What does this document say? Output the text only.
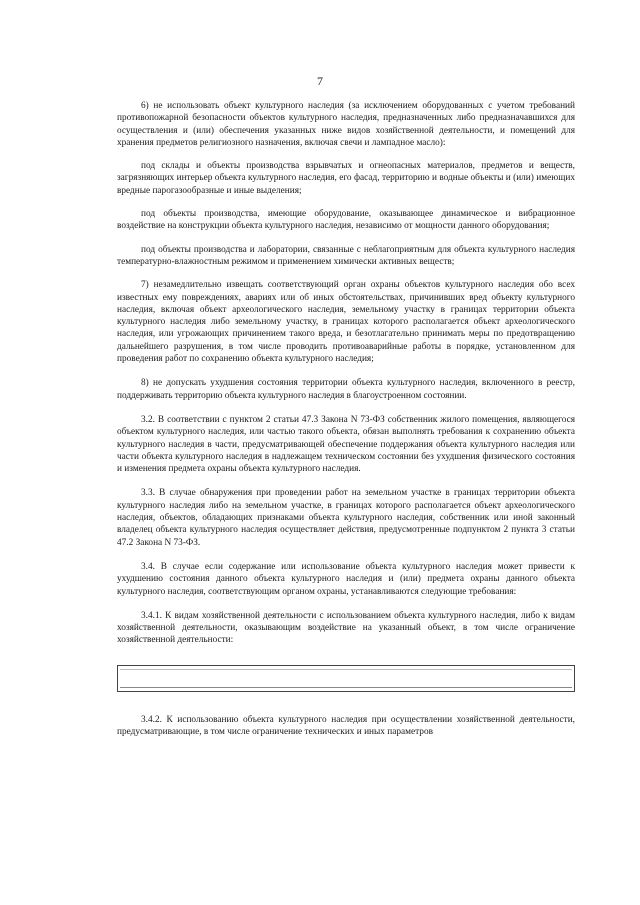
7

6) не использовать объект культурного наследия (за исключением оборудованных с учетом требований противопожарной безопасности объектов культурного наследия, предназначенных либо предназначавшихся для осуществления и (или) обеспечения указанных ниже видов хозяйственной деятельности, и помещений для хранения предметов религиозного назначения, включая свечи и лампадное масло):

под склады и объекты производства взрывчатых и огнеопасных материалов, предметов и веществ, загрязняющих интерьер объекта культурного наследия, его фасад, территорию и водные объекты и (или) имеющих вредные парогазообразные и иные выделения;

под объекты производства, имеющие оборудование, оказывающее динамическое и вибрационное воздействие на конструкции объекта культурного наследия, независимо от мощности данного оборудования;

под объекты производства и лаборатории, связанные с неблагоприятным для объекта культурного наследия температурно-влажностным режимом и применением химически активных веществ;

7) незамедлительно извещать соответствующий орган охраны объектов культурного наследия обо всех известных ему повреждениях, авариях или об иных обстоятельствах, причинивших вред объекту культурного наследия, включая объект археологического наследия, земельному участку в границах территории объекта культурного наследия либо земельному участку, в границах которого располагается объект археологического наследия, или угрожающих причинением такого вреда, и безотлагательно принимать меры по предотвращению дальнейшего разрушения, в том числе проводить противоаварийные работы в порядке, установленном для проведения работ по сохранению объекта культурного наследия;

8) не допускать ухудшения состояния территории объекта культурного наследия, включенного в реестр, поддерживать территорию объекта культурного наследия в благоустроенном состоянии.

3.2. В соответствии с пунктом 2 статьи 47.3 Закона N 73-ФЗ собственник жилого помещения, являющегося объектом культурного наследия, или частью такого объекта, обязан выполнять требования к сохранению объекта культурного наследия в части, предусматривающей обеспечение поддержания объекта культурного наследия или части объекта культурного наследия в надлежащем техническом состоянии без ухудшения физического состояния и изменения предмета охраны объекта культурного наследия.

3.3. В случае обнаружения при проведении работ на земельном участке в границах территории объекта культурного наследия либо на земельном участке, в границах которого располагается объект археологического наследия, объектов, обладающих признаками объекта культурного наследия, собственник или иной законный владелец объекта культурного наследия осуществляет действия, предусмотренные подпунктом 2 пункта 3 статьи 47.2 Закона N 73-ФЗ.

3.4. В случае если содержание или использование объекта культурного наследия может привести к ухудшению состояния данного объекта культурного наследия и (или) предмета охраны данного объекта культурного наследия, соответствующим органом охраны, устанавливаются следующие требования:

3.4.1. К видам хозяйственной деятельности с использованием объекта культурного наследия, либо к видам хозяйственной деятельности, оказывающим воздействие на указанный объект, в том числе ограничение хозяйственной деятельности:

3.4.2. К использованию объекта культурного наследия при осуществлении хозяйственной деятельности, предусматривающие, в том числе ограничение технических и иных параметров
